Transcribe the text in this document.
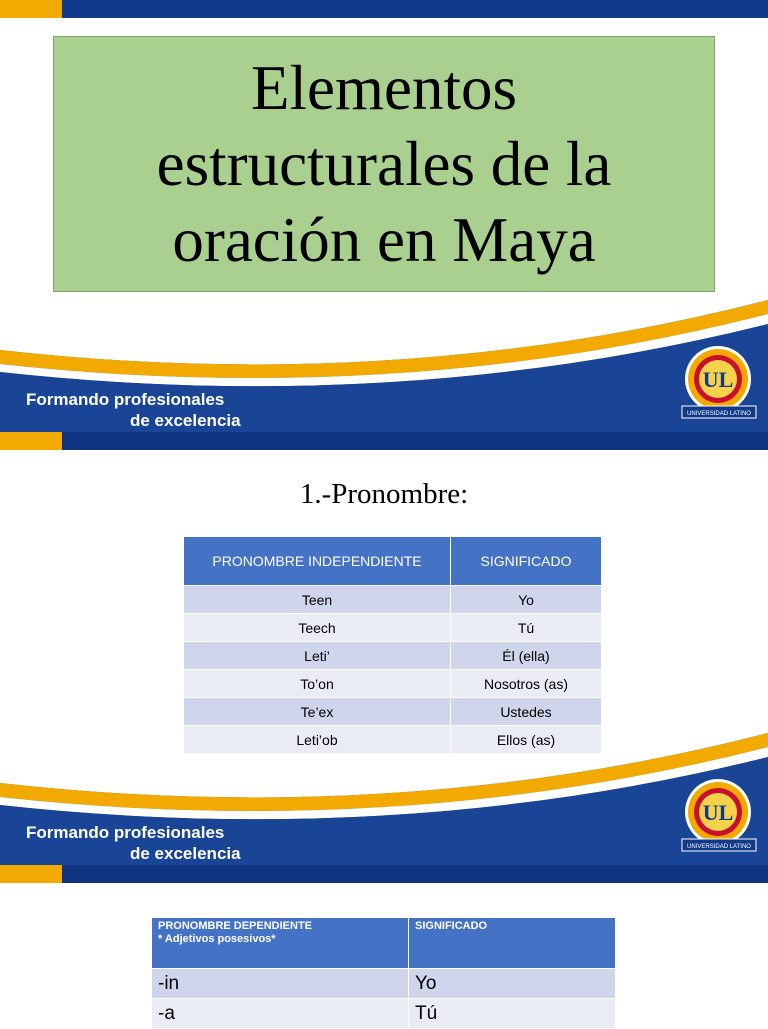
Elementos estructurales de la oración en Maya
Formando profesionales
de excelencia
UL
UNIVERSIDAD LATINO
1.-Pronombre:
PRONOMBRE INDEPENDIENTE	SIGNIFICADO
Teen	Yo
Teech	Tú
Leti’	Él (ella)
To’on	Nosotros (as)
Te’ex	Ustedes
Leti’ob	Ellos (as)
Formando profesionales
de excelencia
UL
UNIVERSIDAD LATINO
PRONOMBRE DEPENDIENTE
* Adjetivos posesivos*	SIGNIFICADO
-in	Yo
-a	Tú
